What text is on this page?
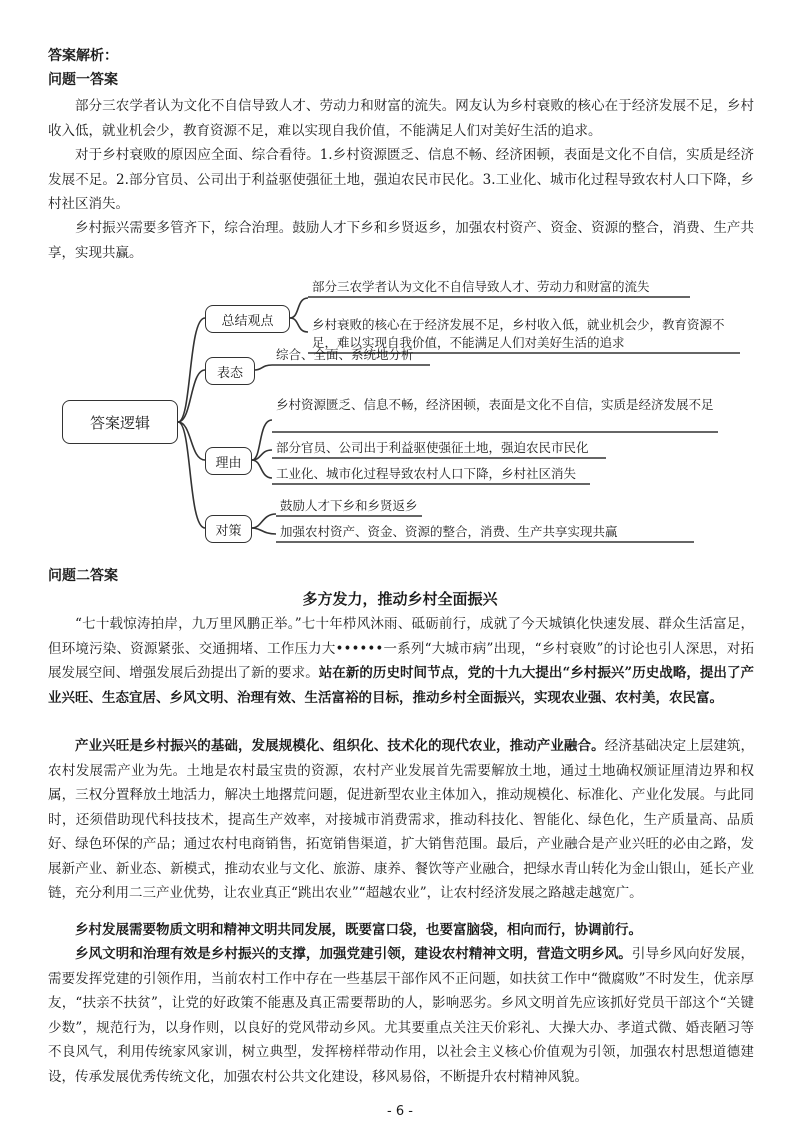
答案解析：
问题一答案

部分三农学者认为文化不自信导致人才、劳动力和财富的流失。网友认为乡村衰败的核心在于经济发展不足，乡村收入低，就业机会少，教育资源不足，难以实现自我价值，不能满足人们对美好生活的追求。

对于乡村衰败的原因应全面、综合看待。1.乡村资源匮乏、信息不畅、经济困顿，表面是文化不自信，实质是经济发展不足。2.部分官员、公司出于利益驱使强征土地，强迫农民市民化。3.工业化、城市化过程导致农村人口下降，乡村社区消失。

乡村振兴需要多管齐下，综合治理。鼓励人才下乡和乡贤返乡，加强农村资产、资金、资源的整合，消费、生产共享，实现共赢。

答案逻辑
总结观点
表态
理由
对策
部分三农学者认为文化不自信导致人才、劳动力和财富的流失
乡村衰败的核心在于经济发展不足，乡村收入低，就业机会少，教育资源不足，难以实现自我价值，不能满足人们对美好生活的追求
综合、全面、系统地分析
乡村资源匮乏、信息不畅，经济困顿，表面是文化不自信，实质是经济发展不足
部分官员、公司出于利益驱使强征土地，强迫农民市民化
工业化、城市化过程导致农村人口下降，乡村社区消失
鼓励人才下乡和乡贤返乡
加强农村资产、资金、资源的整合，消费、生产共享实现共赢
问题二答案
多方发力，推动乡村全面振兴

“七十载惊涛拍岸，九万里风鹏正举。”七十年栉风沐雨、砥砺前行，成就了今天城镇化快速发展、群众生活富足，但环境污染、资源紧张、交通拥堵、工作压力大••••••一系列“大城市病”出现，“乡村衰败”的讨论也引人深思，对拓展发展空间、增强发展后劲提出了新的要求。站在新的历史时间节点，党的十九大提出“乡村振兴”历史战略，提出了产业兴旺、生态宜居、乡风文明、治理有效、生活富裕的目标，推动乡村全面振兴，实现农业强、农村美，农民富。

产业兴旺是乡村振兴的基础，发展规模化、组织化、技术化的现代农业，推动产业融合。经济基础决定上层建筑，农村发展需产业为先。土地是农村最宝贵的资源，农村产业发展首先需要解放土地，通过土地确权颁证厘清边界和权属，三权分置释放土地活力，解决土地撂荒问题，促进新型农业主体加入，推动规模化、标准化、产业化发展。与此同时，还须借助现代科技技术，提高生产效率，对接城市消费需求，推动科技化、智能化、绿色化，生产质量高、品质好、绿色环保的产品；通过农村电商销售，拓宽销售渠道，扩大销售范围。最后，产业融合是产业兴旺的必由之路，发展新产业、新业态、新模式，推动农业与文化、旅游、康养、餐饮等产业融合，把绿水青山转化为金山银山，延长产业链，充分利用二三产业优势，让农业真正“跳出农业”“超越农业”，让农村经济发展之路越走越宽广。

乡村发展需要物质文明和精神文明共同发展，既要富口袋，也要富脑袋，相向而行，协调前行。

乡风文明和治理有效是乡村振兴的支撑，加强党建引领，建设农村精神文明，营造文明乡风。引导乡风向好发展，需要发挥党建的引领作用，当前农村工作中存在一些基层干部作风不正问题，如扶贫工作中“微腐败”不时发生，优亲厚友，“扶亲不扶贫”，让党的好政策不能惠及真正需要帮助的人，影响恶劣。乡风文明首先应该抓好党员干部这个“关键少数”，规范行为，以身作则，以良好的党风带动乡风。尤其要重点关注天价彩礼、大操大办、孝道式微、婚丧陋习等不良风气，利用传统家风家训，树立典型，发挥榜样带动作用，以社会主义核心价值观为引领，加强农村思想道德建设，传承发展优秀传统文化，加强农村公共文化建设，移风易俗，不断提升农村精神风貌。

- 6 -
